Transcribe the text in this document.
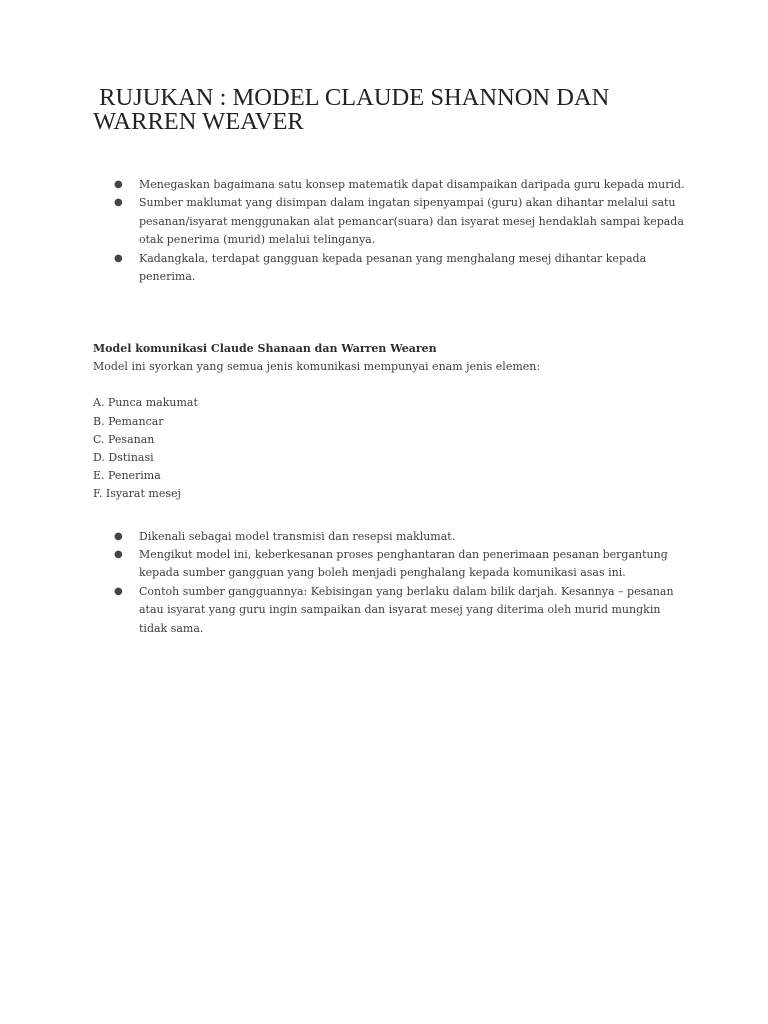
RUJUKAN : MODEL CLAUDE SHANNON DAN WARREN WEAVER
● Menegaskan bagaimana satu konsep matematik dapat disampaikan daripada guru kepada murid.
● Sumber maklumat yang disimpan dalam ingatan sipenyampai (guru) akan dihantar melalui satu pesanan/isyarat menggunakan alat pemancar(suara) dan isyarat mesej hendaklah sampai kepada otak penerima (murid) melalui telinganya.
● Kadangkala, terdapat gangguan kepada pesanan yang menghalang mesej dihantar kepada penerima.
Model komunikasi Claude Shanaan dan Warren Wearen
Model ini syorkan yang semua jenis komunikasi mempunyai enam jenis elemen:
A. Punca makumat
B. Pemancar
C. Pesanan
D. Dstinasi
E. Penerima
F. Isyarat mesej
● Dikenali sebagai model transmisi dan resepsi maklumat.
● Mengikut model ini, keberkesanan proses penghantaran dan penerimaan pesanan bergantung kepada sumber gangguan yang boleh menjadi penghalang kepada komunikasi asas ini.
● Contoh sumber gangguannya: Kebisingan yang berlaku dalam bilik darjah. Kesannya – pesanan atau isyarat yang guru ingin sampaikan dan isyarat mesej yang diterima oleh murid mungkin tidak sama.
